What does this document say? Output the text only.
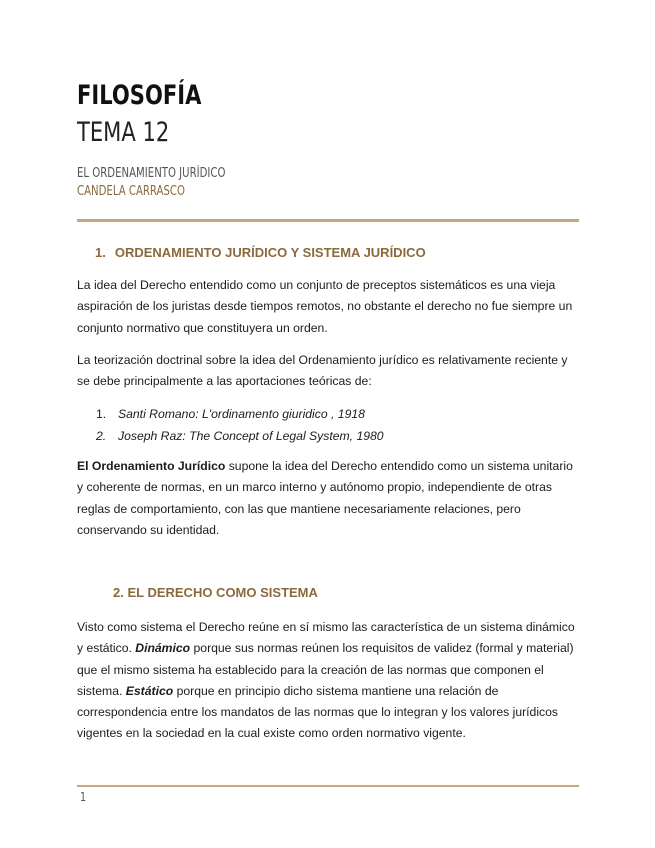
FILOSOFÍA
TEMA 12
EL ORDENAMIENTO JURÍDICO
CANDELA CARRASCO
1. ORDENAMIENTO JURÍDICO Y SISTEMA JURÍDICO
La idea del Derecho entendido como un conjunto de preceptos sistemáticos es una vieja aspiración de los juristas desde tiempos remotos, no obstante el derecho no fue siempre un conjunto normativo que constituyera un orden.
La teorización doctrinal sobre la idea del Ordenamiento jurídico es relativamente reciente y se debe principalmente a las aportaciones teóricas de:
1. Santi Romano: L'ordinamento giuridico , 1918
2. Joseph Raz: The Concept of Legal System, 1980
El Ordenamiento Jurídico supone la idea del Derecho entendido como un sistema unitario y coherente de normas, en un marco interno y autónomo propio, independiente de otras reglas de comportamiento, con las que mantiene necesariamente relaciones, pero conservando su identidad.
2. EL DERECHO COMO SISTEMA
Visto como sistema el Derecho reúne en sí mismo las característica de un sistema dinámico y estático. Dinámico porque sus normas reúnen los requisitos de validez (formal y material) que el mismo sistema ha establecido para la creación de las normas que componen el sistema. Estático porque en principio dicho sistema mantiene una relación de correspondencia entre los mandatos de las normas que lo integran y los valores jurídicos vigentes en la sociedad en la cual existe como orden normativo vigente.
1
